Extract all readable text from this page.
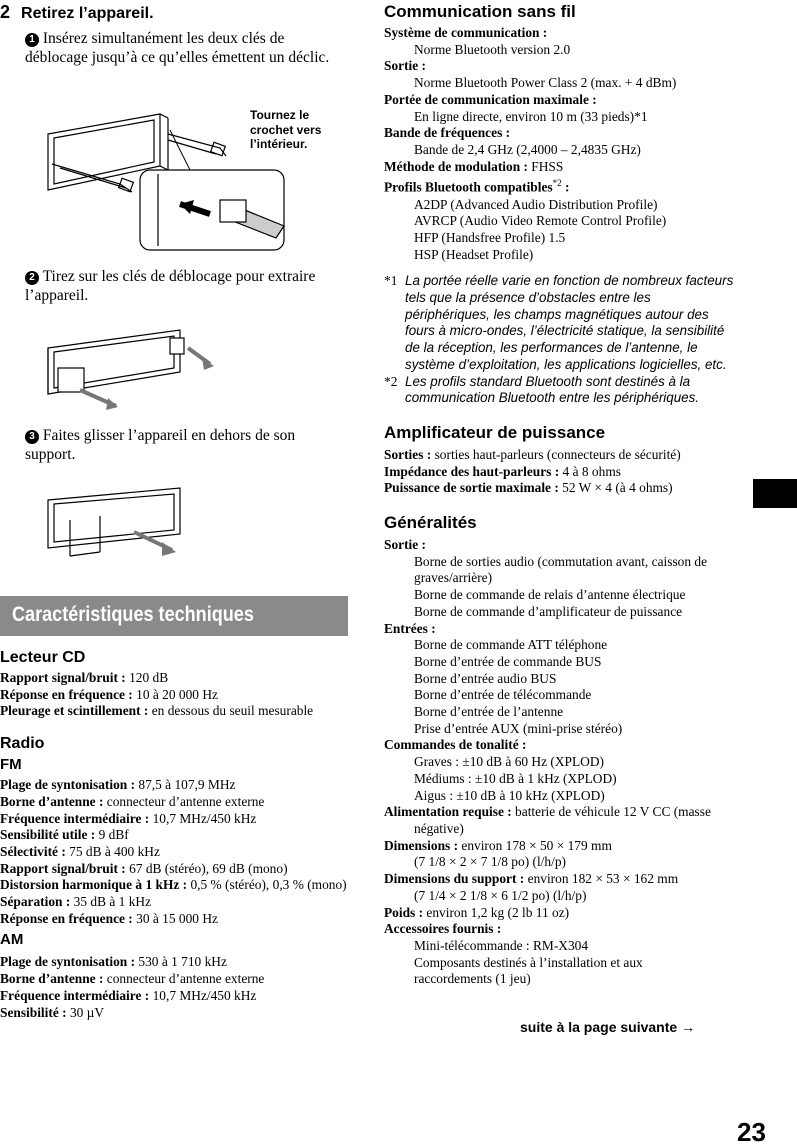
2 Retirez l’appareil.
1 Insérez simultanément les deux clés de déblocage jusqu’à ce qu’elles émettent un déclic.
Tournez le
crochet vers
l’intérieur.
2 Tirez sur les clés de déblocage pour extraire l’appareil.
3 Faites glisser l’appareil en dehors de son support.
Caractéristiques techniques
Lecteur CD
Rapport signal/bruit : 120 dB
Réponse en fréquence : 10 à 20 000 Hz
Pleurage et scintillement : en dessous du seuil mesurable
Radio
FM
Plage de syntonisation : 87,5 à 107,9 MHz
Borne d’antenne : connecteur d’antenne externe
Fréquence intermédiaire : 10,7 MHz/450 kHz
Sensibilité utile : 9 dBf
Sélectivité : 75 dB à 400 kHz
Rapport signal/bruit : 67 dB (stéréo), 69 dB (mono)
Distorsion harmonique à 1 kHz : 0,5 % (stéréo), 0,3 % (mono)
Séparation : 35 dB à 1 kHz
Réponse en fréquence : 30 à 15 000 Hz
AM
Plage de syntonisation : 530 à 1 710 kHz
Borne d’antenne : connecteur d’antenne externe
Fréquence intermédiaire : 10,7 MHz/450 kHz
Sensibilité : 30 µV
Communication sans fil
Système de communication :
Norme Bluetooth version 2.0
Sortie :
Norme Bluetooth Power Class 2 (max. + 4 dBm)
Portée de communication maximale :
En ligne directe, environ 10 m (33 pieds)*1
Bande de fréquences :
Bande de 2,4 GHz (2,4000 – 2,4835 GHz)
Méthode de modulation : FHSS
Profils Bluetooth compatibles$^{*2}$ :
A2DP (Advanced Audio Distribution Profile)
AVRCP (Audio Video Remote Control Profile)
HFP (Handsfree Profile) 1.5
HSP (Headset Profile)
*1 La portée réelle varie en fonction de nombreux facteurs tels que la présence d’obstacles entre les périphériques, les champs magnétiques autour des fours à micro-ondes, l’électricité statique, la sensibilité de la réception, les performances de l’antenne, le système d’exploitation, les applications logicielles, etc.
*2 Les profils standard Bluetooth sont destinés à la communication Bluetooth entre les périphériques.
Amplificateur de puissance
Sorties : sorties haut-parleurs (connecteurs de sécurité)
Impédance des haut-parleurs : 4 à 8 ohms
Puissance de sortie maximale : 52 W × 4 (à 4 ohms)
Généralités
Sortie :
Borne de sorties audio (commutation avant, caisson de graves/arrière)
Borne de commande de relais d’antenne électrique
Borne de commande d’amplificateur de puissance
Entrées :
Borne de commande ATT téléphone
Borne d’entrée de commande BUS
Borne d’entrée audio BUS
Borne d’entrée de télécommande
Borne d’entrée de l’antenne
Prise d’entrée AUX (mini-prise stéréo)
Commandes de tonalité :
Graves : ±10 dB à 60 Hz (XPLOD)
Médiums : ±10 dB à 1 kHz (XPLOD)
Aigus : ±10 dB à 10 kHz (XPLOD)
Alimentation requise : batterie de véhicule 12 V CC (masse négative)
Dimensions : environ 178 × 50 × 179 mm
(7 1/8 × 2 × 7 1/8 po) (l/h/p)
Dimensions du support : environ 182 × 53 × 162 mm
(7 1/4 × 2 1/8 × 6 1/2 po) (l/h/p)
Poids : environ 1,2 kg (2 lb 11 oz)
Accessoires fournis :
Mini-télécommande : RM-X304
Composants destinés à l’installation et aux raccordements (1 jeu)
suite à la page suivante →
23
